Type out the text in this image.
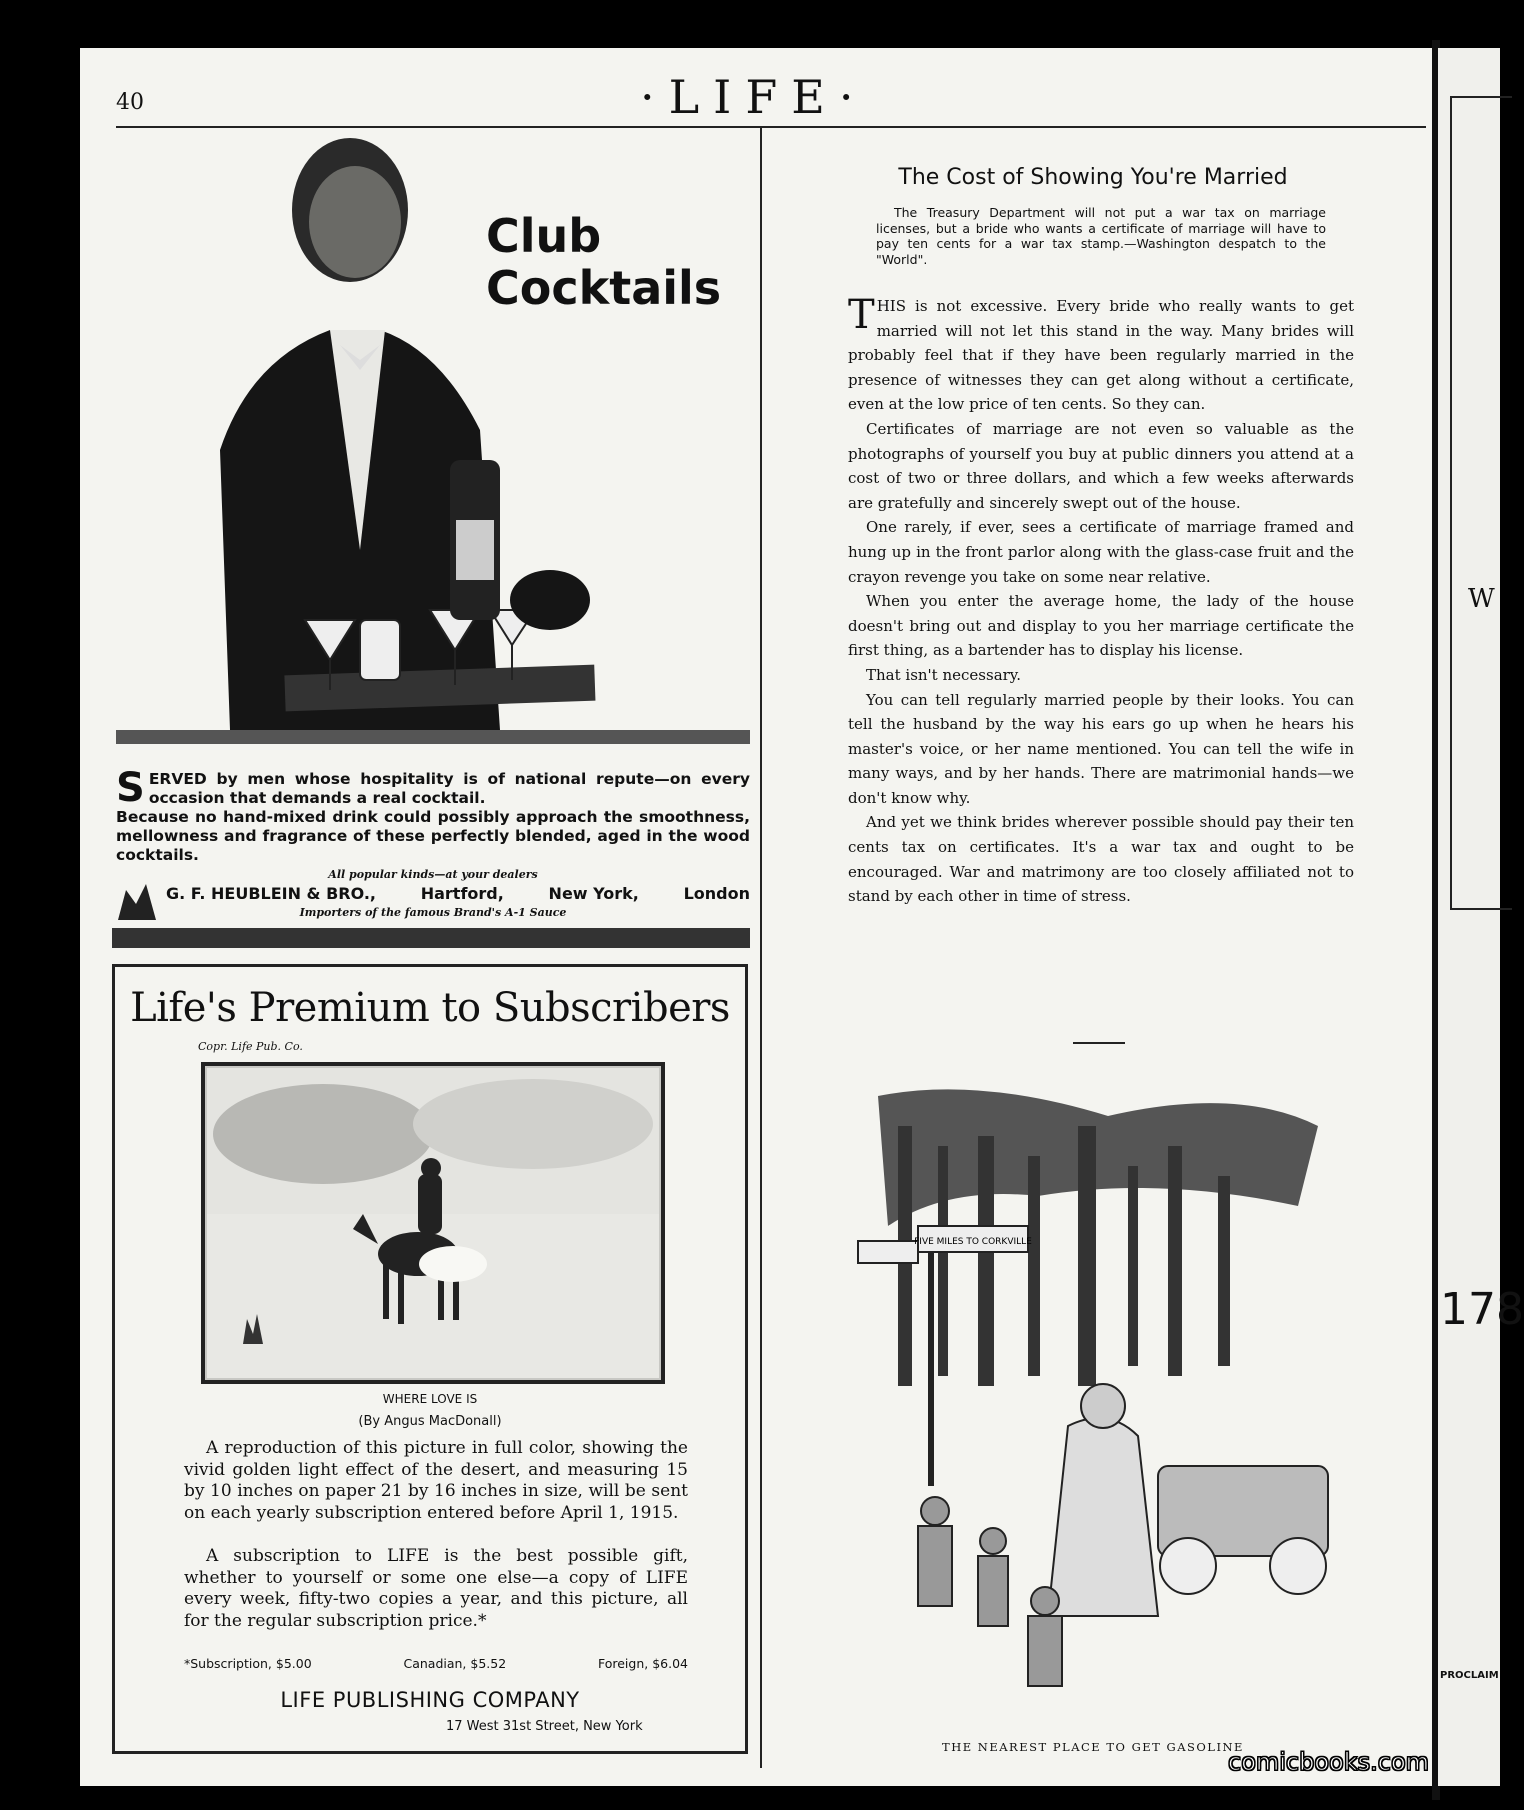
40	·LIFE·
Club
Cocktails
SERVED by men whose hospitality is of national repute—on every occasion that demands a real cocktail.
Because no hand-mixed drink could possibly approach the smoothness, mellowness and fragrance of these perfectly blended, aged in the wood cocktails.
All popular kinds—at your dealers
G. F. HEUBLEIN & BRO.,	Hartford,	New York,	London
Importers of the famous Brand's A-1 Sauce
Life's Premium to Subscribers
Copr. Life Pub. Co.
WHERE LOVE IS
(By Angus MacDonall)
A reproduction of this picture in full color, showing the vivid golden light effect of the desert, and measuring 15 by 10 inches on paper 21 by 16 inches in size, will be sent on each yearly subscription entered before April 1, 1915.
A subscription to LIFE is the best possible gift, whether to yourself or some one else—a copy of LIFE every week, fifty-two copies a year, and this picture, all for the regular subscription price.*
*Subscription, $5.00	Canadian, $5.52	Foreign, $6.04
LIFE PUBLISHING COMPANY
17 West 31st Street, New York
The Cost of Showing You're Married
The Treasury Department will not put a war tax on marriage licenses, but a bride who wants a certificate of marriage will have to pay ten cents for a war tax stamp.—Washington despatch to the "World".

THIS is not excessive. Every bride who really wants to get married will not let this stand in the way. Many brides will probably feel that if they have been regularly married in the presence of witnesses they can get along without a certificate, even at the low price of ten cents. So they can.

Certificates of marriage are not even so valuable as the photographs of yourself you buy at public dinners you attend at a cost of two or three dollars, and which a few weeks afterwards are gratefully and sincerely swept out of the house.

One rarely, if ever, sees a certificate of marriage framed and hung up in the front parlor along with the glass-case fruit and the crayon revenge you take on some near relative.

When you enter the average home, the lady of the house doesn't bring out and display to you her marriage certificate the first thing, as a bartender has to display his license.

That isn't necessary.

You can tell regularly married people by their looks. You can tell the husband by the way his ears go up when he hears his master's voice, or her name mentioned. You can tell the wife in many ways, and by her hands. There are matrimonial hands—we don't know why.

And yet we think brides wherever possible should pay their ten cents tax on certificates. It's a war tax and ought to be encouraged. War and matrimony are too closely affiliated not to stand by each other in time of stress.

FIVE MILES TO CORKVILLE
THE NEAREST PLACE TO GET GASOLINE
W
178
PROCLAIM
comicbooks.com
